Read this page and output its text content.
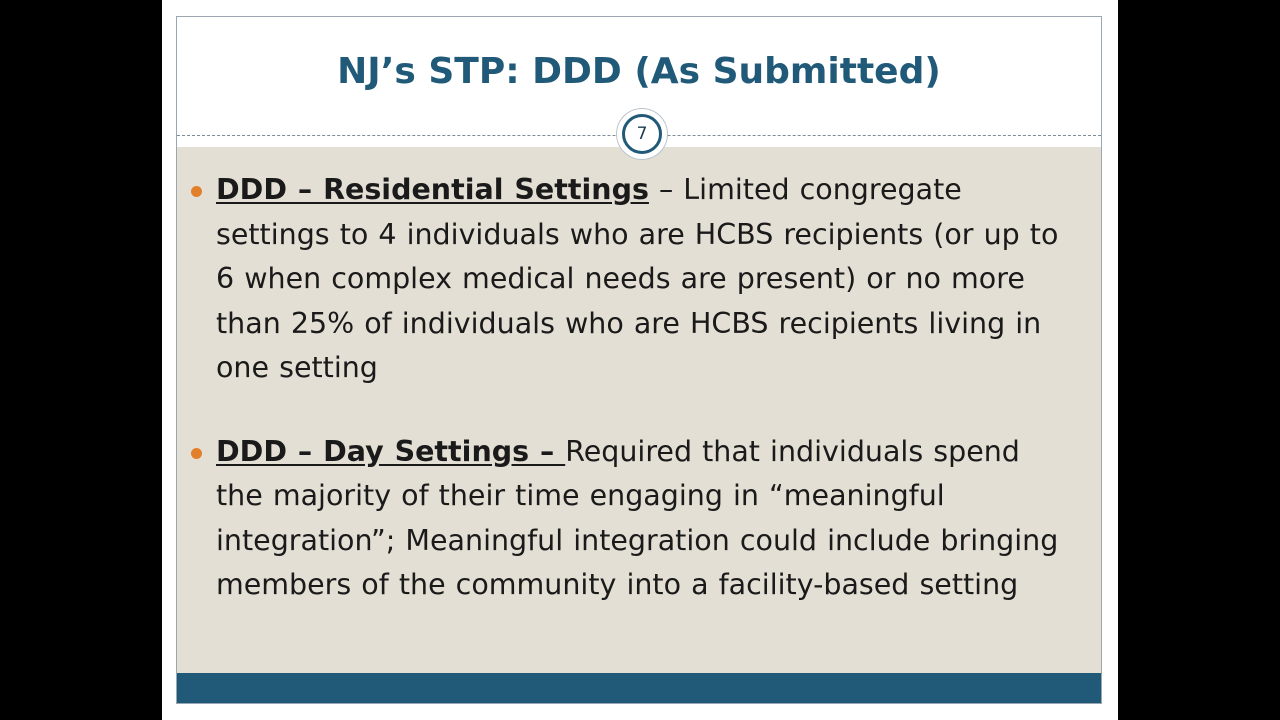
NJ’s STP: DDD (As Submitted)
7
DDD – Residential Settings – Limited congregate settings to 4 individuals who are HCBS recipients (or up to 6 when complex medical needs are present) or no more than 25% of individuals who are HCBS recipients living in one setting
DDD – Day Settings – Required that individuals spend the majority of their time engaging in “meaningful integration”; Meaningful integration could include bringing members of the community into a facility-based setting
